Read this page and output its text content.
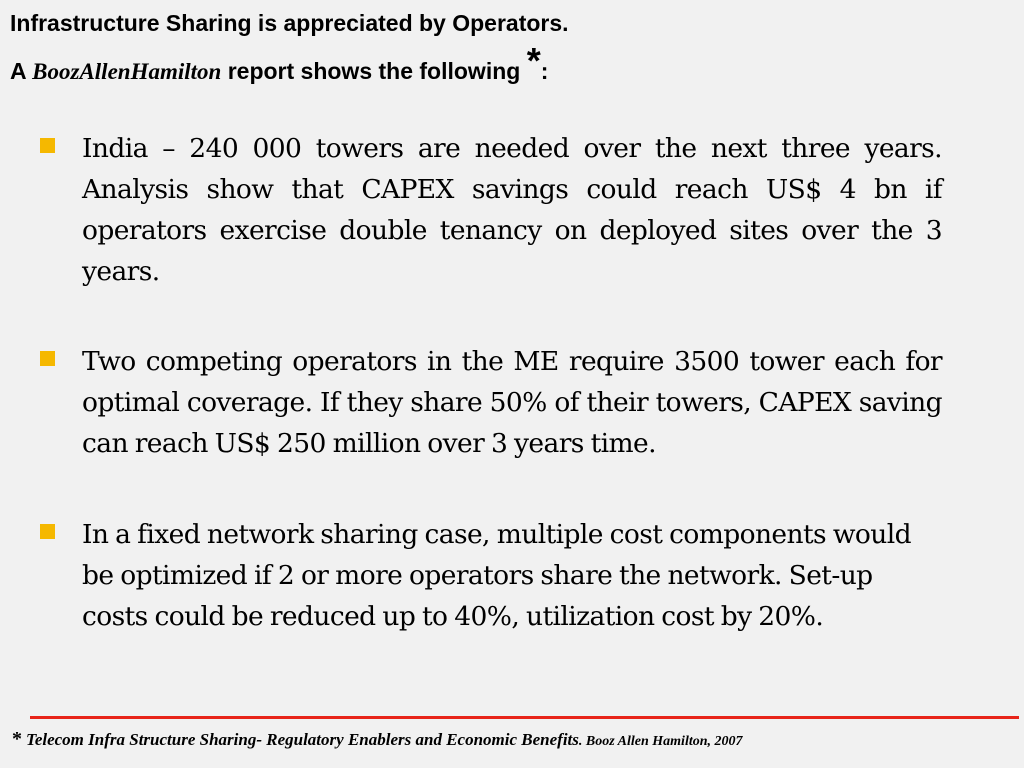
Infrastructure Sharing is appreciated by Operators.
A BoozAllenHamilton report shows the following *:
India – 240 000 towers are needed over the next three years. Analysis show that CAPEX savings could reach US$ 4 bn if operators exercise double tenancy on deployed sites over the 3 years.
Two competing operators in the ME require 3500 tower each for optimal coverage. If they share 50% of their towers, CAPEX saving can reach US$ 250 million over 3 years time.
In a fixed network sharing case, multiple cost components would be optimized if 2 or more operators share the network. Set-up costs could be reduced up to 40%, utilization cost by 20%.
* Telecom Infra Structure Sharing- Regulatory Enablers and Economic Benefits. Booz Allen Hamilton, 2007
